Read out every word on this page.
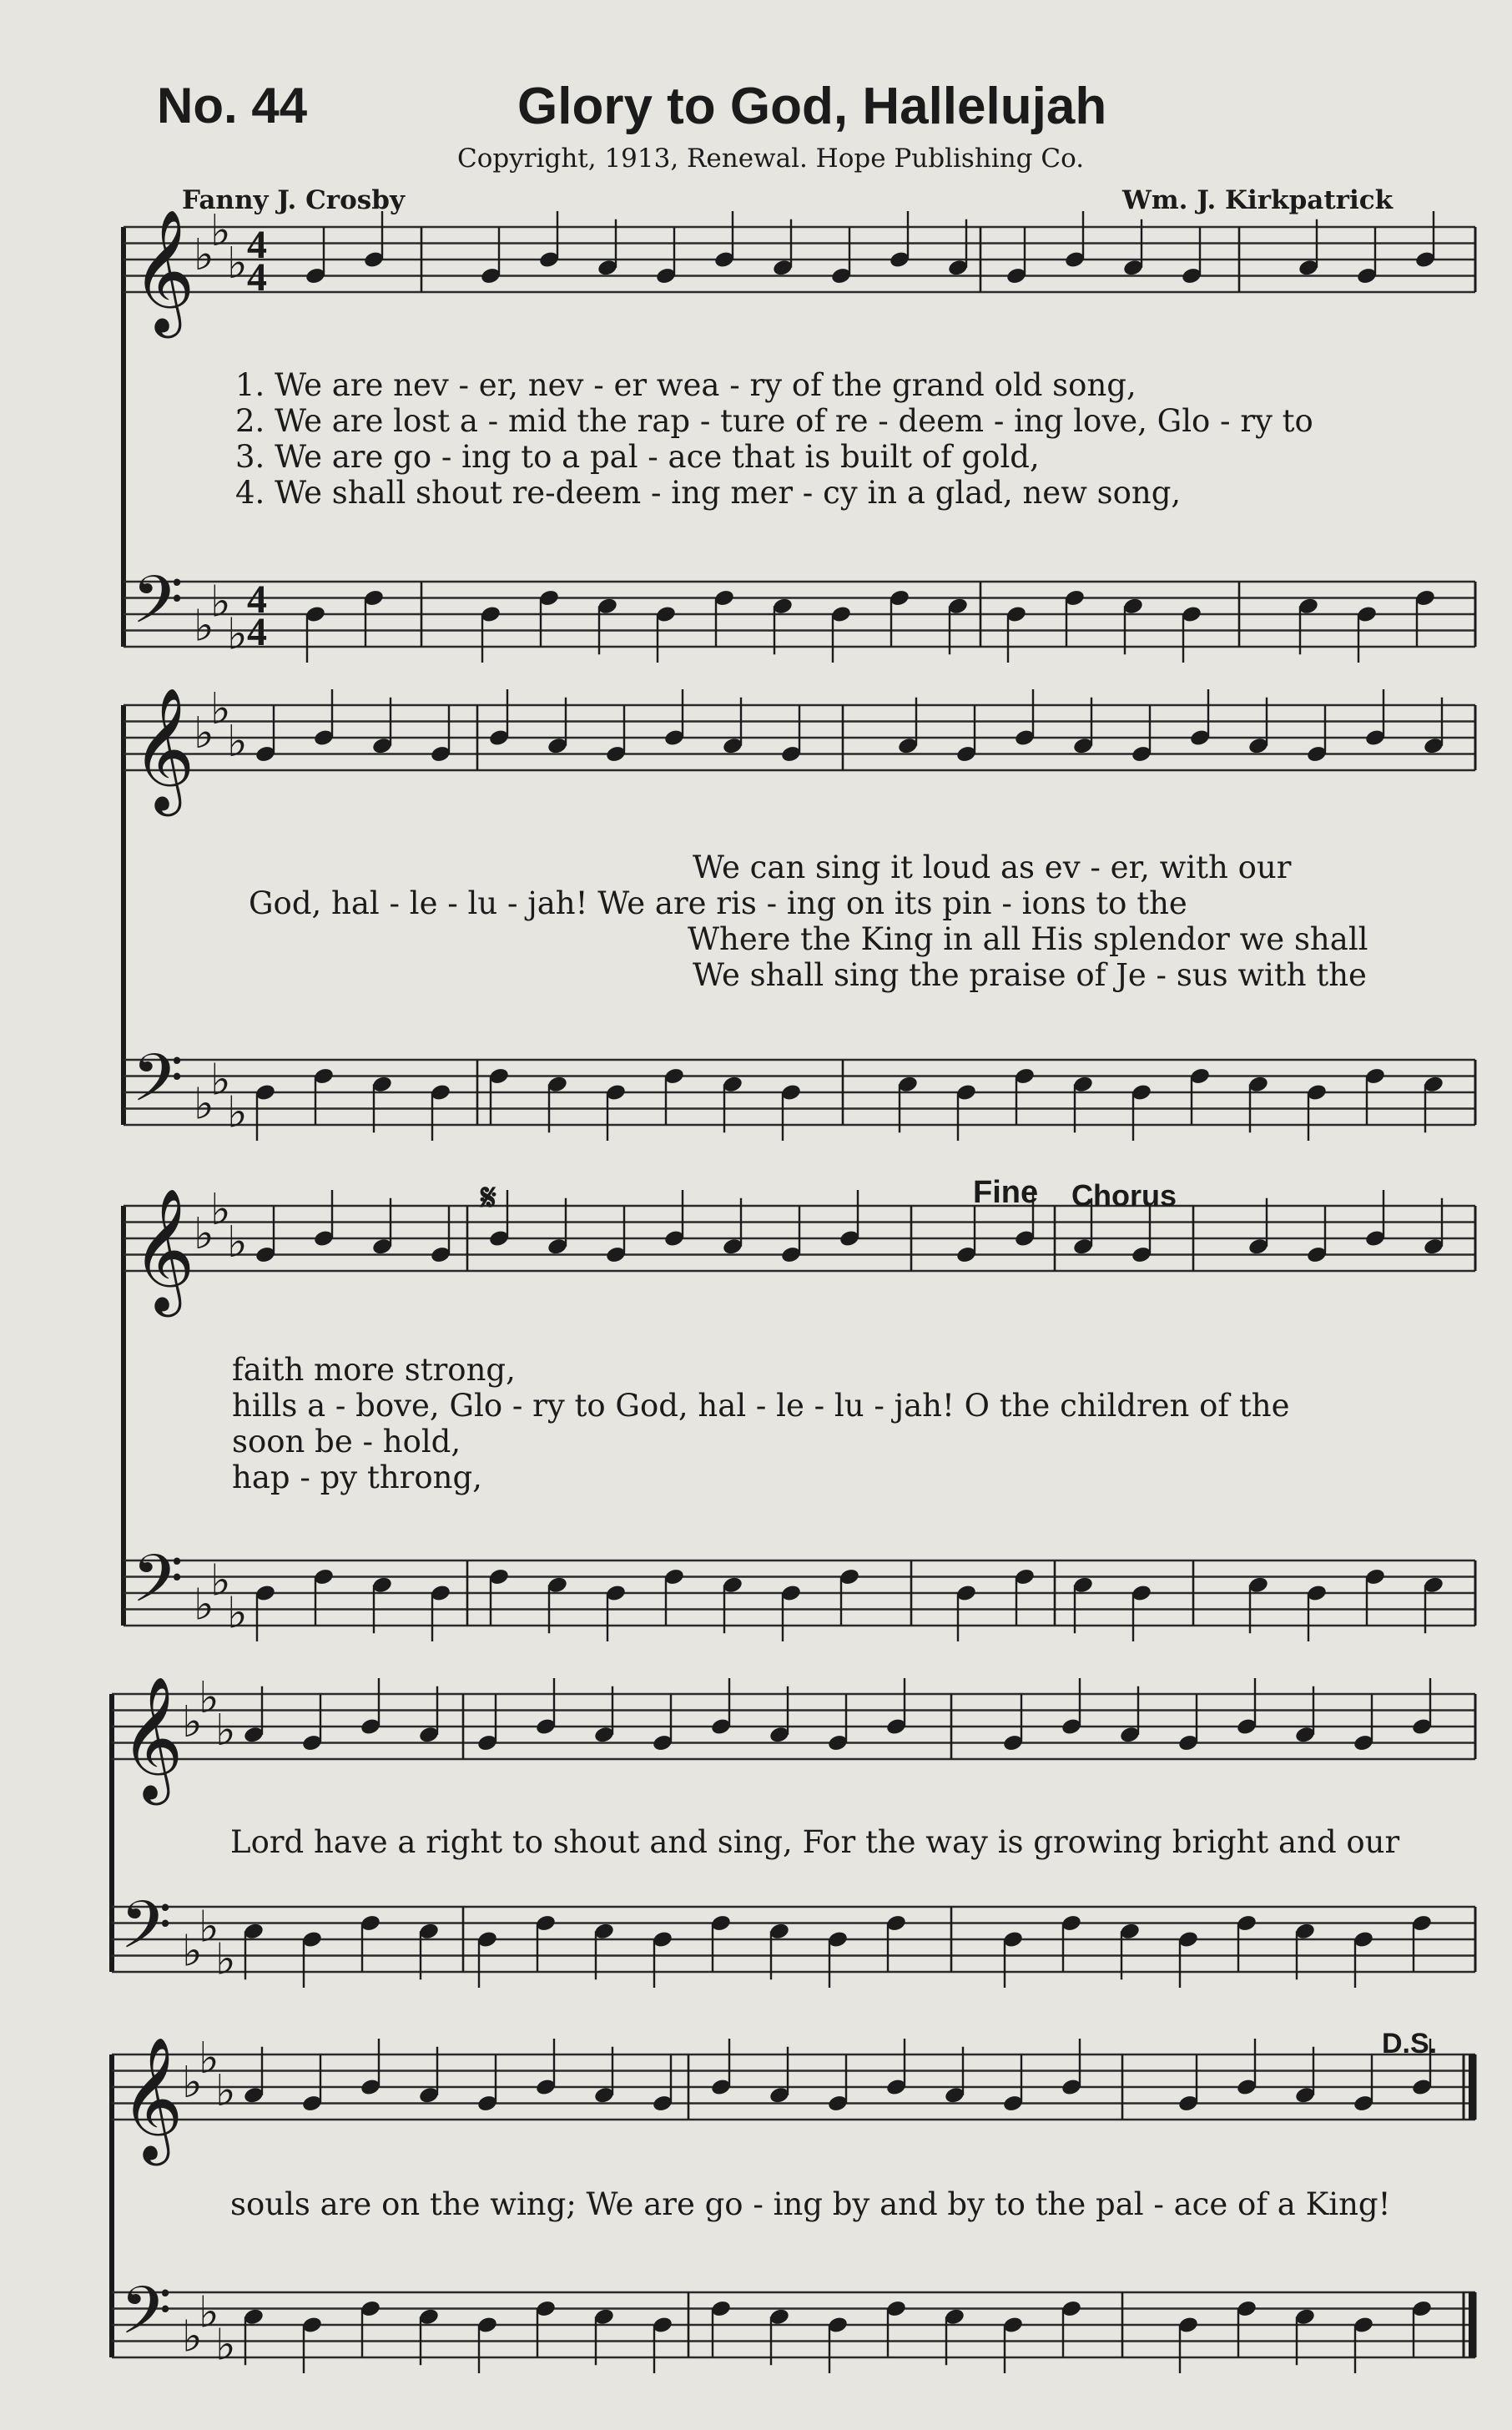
No. 44	Glory to God, Hallelujah
Copyright, 1913, Renewal. Hope Publishing Co.
Fanny J. Crosby	Wm. J. Kirkpatrick
𝄞
♭
♭
♭
𝄢 ♭
♭
♭
4
4
4
4
𝄞
♭
♭
♭
𝄢 ♭
♭
♭
𝄞
♭
♭
♭
𝄢 ♭
♭
♭
𝄞
♭
♭
♭
𝄢 ♭
♭
♭
𝄞
♭
♭
♭
𝄢 ♭
♭
♭
1. We are nev - er, nev - er wea - ry of the grand old song,
2. We are lost a - mid the rap - ture of re - deem - ing love, Glo - ry to
3. We are go - ing to a pal - ace that is built of gold,
4. We shall shout re-deem - ing mer - cy in a glad, new song,
We can sing it loud as ev - er, with our
God, hal - le - lu - jah! We are ris - ing on its pin - ions to the
Where the King in all His splendor we shall
We shall sing the praise of Je - sus with the
faith more strong,
hills a - bove, Glo - ry to God, hal - le - lu - jah! O the children of the
soon be - hold,
hap - py throng,
Lord have a right to shout and sing, For the way is growing bright and our
souls are on the wing; We are go - ing by and by to the pal - ace of a King!
Fine Chorus
D.S.
𝄋
